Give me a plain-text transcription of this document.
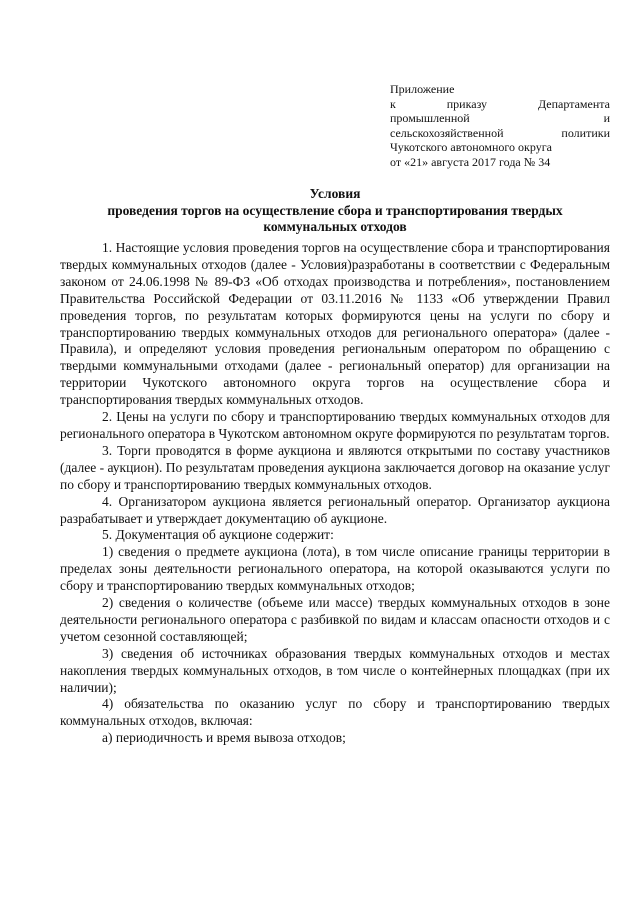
Приложение
к	приказу	Департамента
промышленной	и
сельскохозяйственной	политики
Чукотского автономного округа
от «21» августа 2017 года № 34
Условия
проведения торгов на осуществление сбора и транспортирования твердых
коммунальных отходов

1. Настоящие условия проведения торгов на осуществление сбора и транспортирования твердых коммунальных отходов (далее - Условия)разработаны в соответствии с Федеральным законом от 24.06.1998 № 89-ФЗ «Об отходах производства и потребления», постановлением Правительства Российской Федерации от 03.11.2016 № 1133 «Об утверждении Правил проведения торгов, по результатам которых формируются цены на услуги по сбору и транспортированию твердых коммунальных отходов для регионального оператора» (далее - Правила), и определяют условия проведения региональным оператором по обращению с твердыми коммунальными отходами (далее - региональный оператор) для организации на территории Чукотского автономного округа торгов на осуществление сбора и транспортирования твердых коммунальных отходов.

2. Цены на услуги по сбору и транспортированию твердых коммунальных отходов для регионального оператора в Чукотском автономном округе формируются по результатам торгов.

3. Торги проводятся в форме аукциона и являются открытыми по составу участников (далее - аукцион). По результатам проведения аукциона заключается договор на оказание услуг по сбору и транспортированию твердых коммунальных отходов.

4. Организатором аукциона является региональный оператор. Организатор аукциона разрабатывает и утверждает документацию об аукционе.

5. Документация об аукционе содержит:

1) сведения о предмете аукциона (лота), в том числе описание границы территории в пределах зоны деятельности регионального оператора, на которой оказываются услуги по сбору и транспортированию твердых коммунальных отходов;

2) сведения о количестве (объеме или массе) твердых коммунальных отходов в зоне деятельности регионального оператора с разбивкой по видам и классам опасности отходов и с учетом сезонной составляющей;

3) сведения об источниках образования твердых коммунальных отходов и местах накопления твердых коммунальных отходов, в том числе о контейнерных площадках (при их наличии);

4) обязательства по оказанию услуг по сбору и транспортированию твердых коммунальных отходов, включая:

а) периодичность и время вывоза отходов;
